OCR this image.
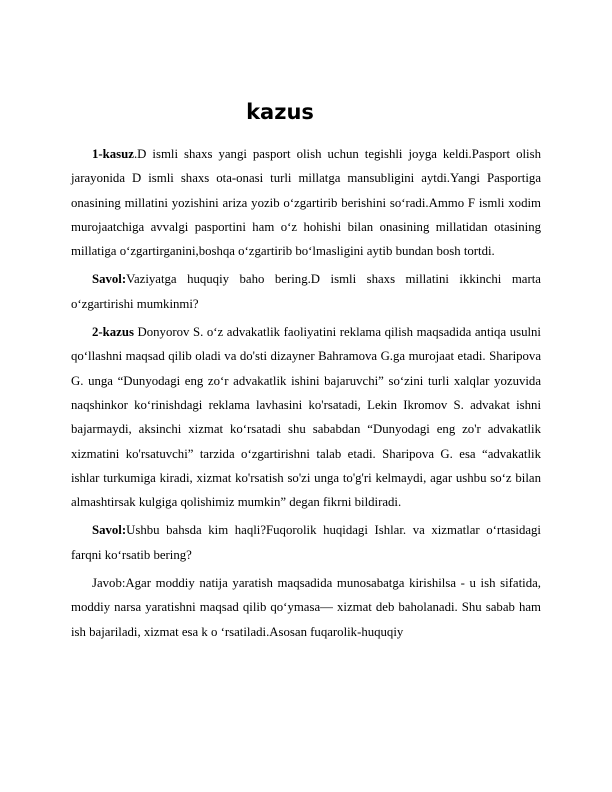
kazus

1-kasuz.D ismli shaxs yangi pasport olish uchun tegishli joyga keldi.Pasport olish jarayonida D ismli shaxs ota-onasi turli millatga mansubligini aytdi.Yangi Pasportiga onasining millatini yozishini ariza yozib o‘zgartirib berishini so‘radi.Ammo F ismli xodim murojaatchiga avvalgi pasportini ham o‘z hohishi bilan onasining millatidan otasining millatiga o‘zgartirganini,boshqa o‘zgartirib bo‘lmasligini aytib bundan bosh tortdi.

Savol:Vaziyatga huquqiy baho bering.D ismli shaxs millatini ikkinchi marta o‘zgartirishi mumkinmi?

2-kazus Donyorov S. o‘z advakatlik faoliyatini reklama qilish maqsadida antiqa usulni qo‘llashni maqsad qilib oladi va do'sti dizayner Bahramova G.ga murojaat etadi. Sharipova G. unga “Dunyodagi eng zo‘r advakatlik ishini bajaruvchi” so‘zini turli xalqlar yozuvida naqshinkor ko‘rinishdagi reklama lavhasini ko'rsatadi, Lekin Ikromov S. advakat ishni bajarmaydi, aksinchi xizmat ko‘rsatadi shu sababdan “Dunyodagi eng zo'r advakatlik xizmatini ko'rsatuvchi” tarzida o‘zgartirishni talab etadi. Sharipova G. esa “advakatlik ishlar turkumiga kiradi, xizmat ko'rsatish so'zi unga to'g'ri kelmaydi, agar ushbu so‘z bilan almashtirsak kulgiga qolishimiz mumkin” degan fikrni bildiradi.

Savol:Ushbu bahsda kim haqli?Fuqorolik huqidagi Ishlar. va xizmatlar o‘rtasidagi farqni ko‘rsatib bering?

Javob:Agar moddiy natija yaratish maqsadida munosabatga kirishilsa - u ish sifatida, moddiy narsa yaratishni maqsad qilib qo‘ymasa— xizmat deb baholanadi. Shu sabab ham ish bajariladi, xizmat esa k o ‘rsatiladi.Asosan fuqarolik-huquqiy
